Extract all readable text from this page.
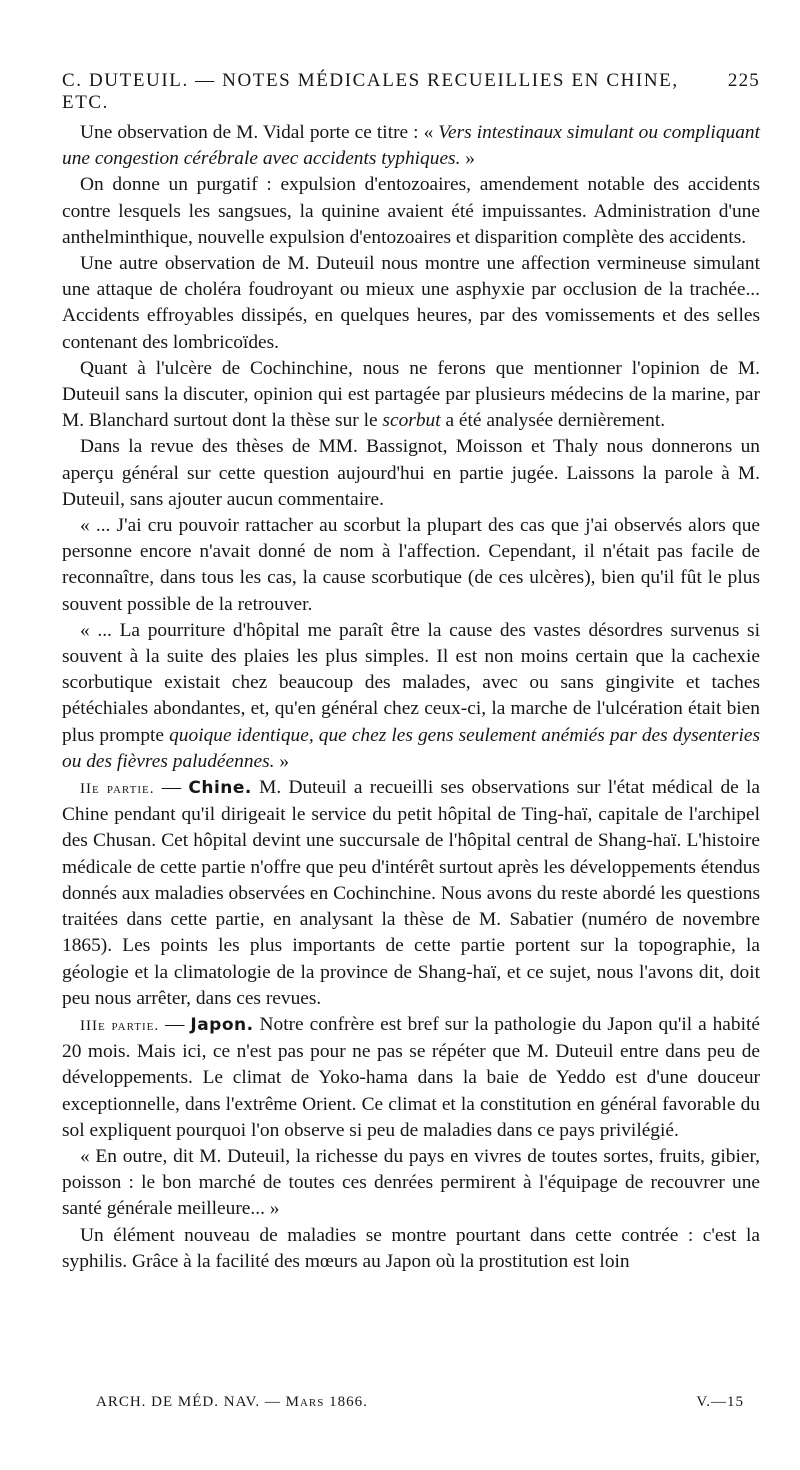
C. DUTEUIL. — NOTES MÉDICALES RECUEILLIES EN CHINE, ETC.
225

Une observation de M. Vidal porte ce titre : « Vers intestinaux simulant ou compliquant une congestion cérébrale avec accidents typhiques. »

On donne un purgatif : expulsion d'entozoaires, amendement notable des accidents contre lesquels les sangsues, la quinine avaient été impuissantes. Administration d'une anthelminthique, nouvelle expulsion d'entozoaires et disparition complète des accidents.

Une autre observation de M. Duteuil nous montre une affection vermineuse simulant une attaque de choléra foudroyant ou mieux une asphyxie par occlusion de la trachée... Accidents effroyables dissipés, en quelques heures, par des vomissements et des selles contenant des lombricoïdes.

Quant à l'ulcère de Cochinchine, nous ne ferons que mentionner l'opinion de M. Duteuil sans la discuter, opinion qui est partagée par plusieurs médecins de la marine, par M. Blanchard surtout dont la thèse sur le scorbut a été analysée dernièrement.

Dans la revue des thèses de MM. Bassignot, Moisson et Thaly nous donnerons un aperçu général sur cette question aujourd'hui en partie jugée. Laissons la parole à M. Duteuil, sans ajouter aucun commentaire.

« ... J'ai cru pouvoir rattacher au scorbut la plupart des cas que j'ai observés alors que personne encore n'avait donné de nom à l'affection. Cependant, il n'était pas facile de reconnaître, dans tous les cas, la cause scorbutique (de ces ulcères), bien qu'il fût le plus souvent possible de la retrouver.

« ... La pourriture d'hôpital me paraît être la cause des vastes désordres survenus si souvent à la suite des plaies les plus simples. Il est non moins certain que la cachexie scorbutique existait chez beaucoup des malades, avec ou sans gingivite et taches pétéchiales abondantes, et, qu'en général chez ceux-ci, la marche de l'ulcération était bien plus prompte quoique identique, que chez les gens seulement anémiés par des dysenteries ou des fièvres paludéennes. »

IIe partie. — Chine. M. Duteuil a recueilli ses observations sur l'état médical de la Chine pendant qu'il dirigeait le service du petit hôpital de Ting-haï, capitale de l'archipel des Chusan. Cet hôpital devint une succursale de l'hôpital central de Shang-haï. L'histoire médicale de cette partie n'offre que peu d'intérêt surtout après les développements étendus donnés aux maladies observées en Cochinchine. Nous avons du reste abordé les questions traitées dans cette partie, en analysant la thèse de M. Sabatier (numéro de novembre 1865). Les points les plus importants de cette partie portent sur la topographie, la géologie et la climatologie de la province de Shang-haï, et ce sujet, nous l'avons dit, doit peu nous arrêter, dans ces revues.

IIIe partie. — Japon. Notre confrère est bref sur la pathologie du Japon qu'il a habité 20 mois. Mais ici, ce n'est pas pour ne pas se répéter que M. Duteuil entre dans peu de développements. Le climat de Yoko-hama dans la baie de Yeddo est d'une douceur exceptionnelle, dans l'extrême Orient. Ce climat et la constitution en général favorable du sol expliquent pourquoi l'on observe si peu de maladies dans ce pays privilégié.

« En outre, dit M. Duteuil, la richesse du pays en vivres de toutes sortes, fruits, gibier, poisson : le bon marché de toutes ces denrées permirent à l'équipage de recouvrer une santé générale meilleure... »

Un élément nouveau de maladies se montre pourtant dans cette contrée : c'est la syphilis. Grâce à la facilité des mœurs au Japon où la prostitution est loin

ARCH. DE MÉD. NAV. — Mars 1866.	V.—15
